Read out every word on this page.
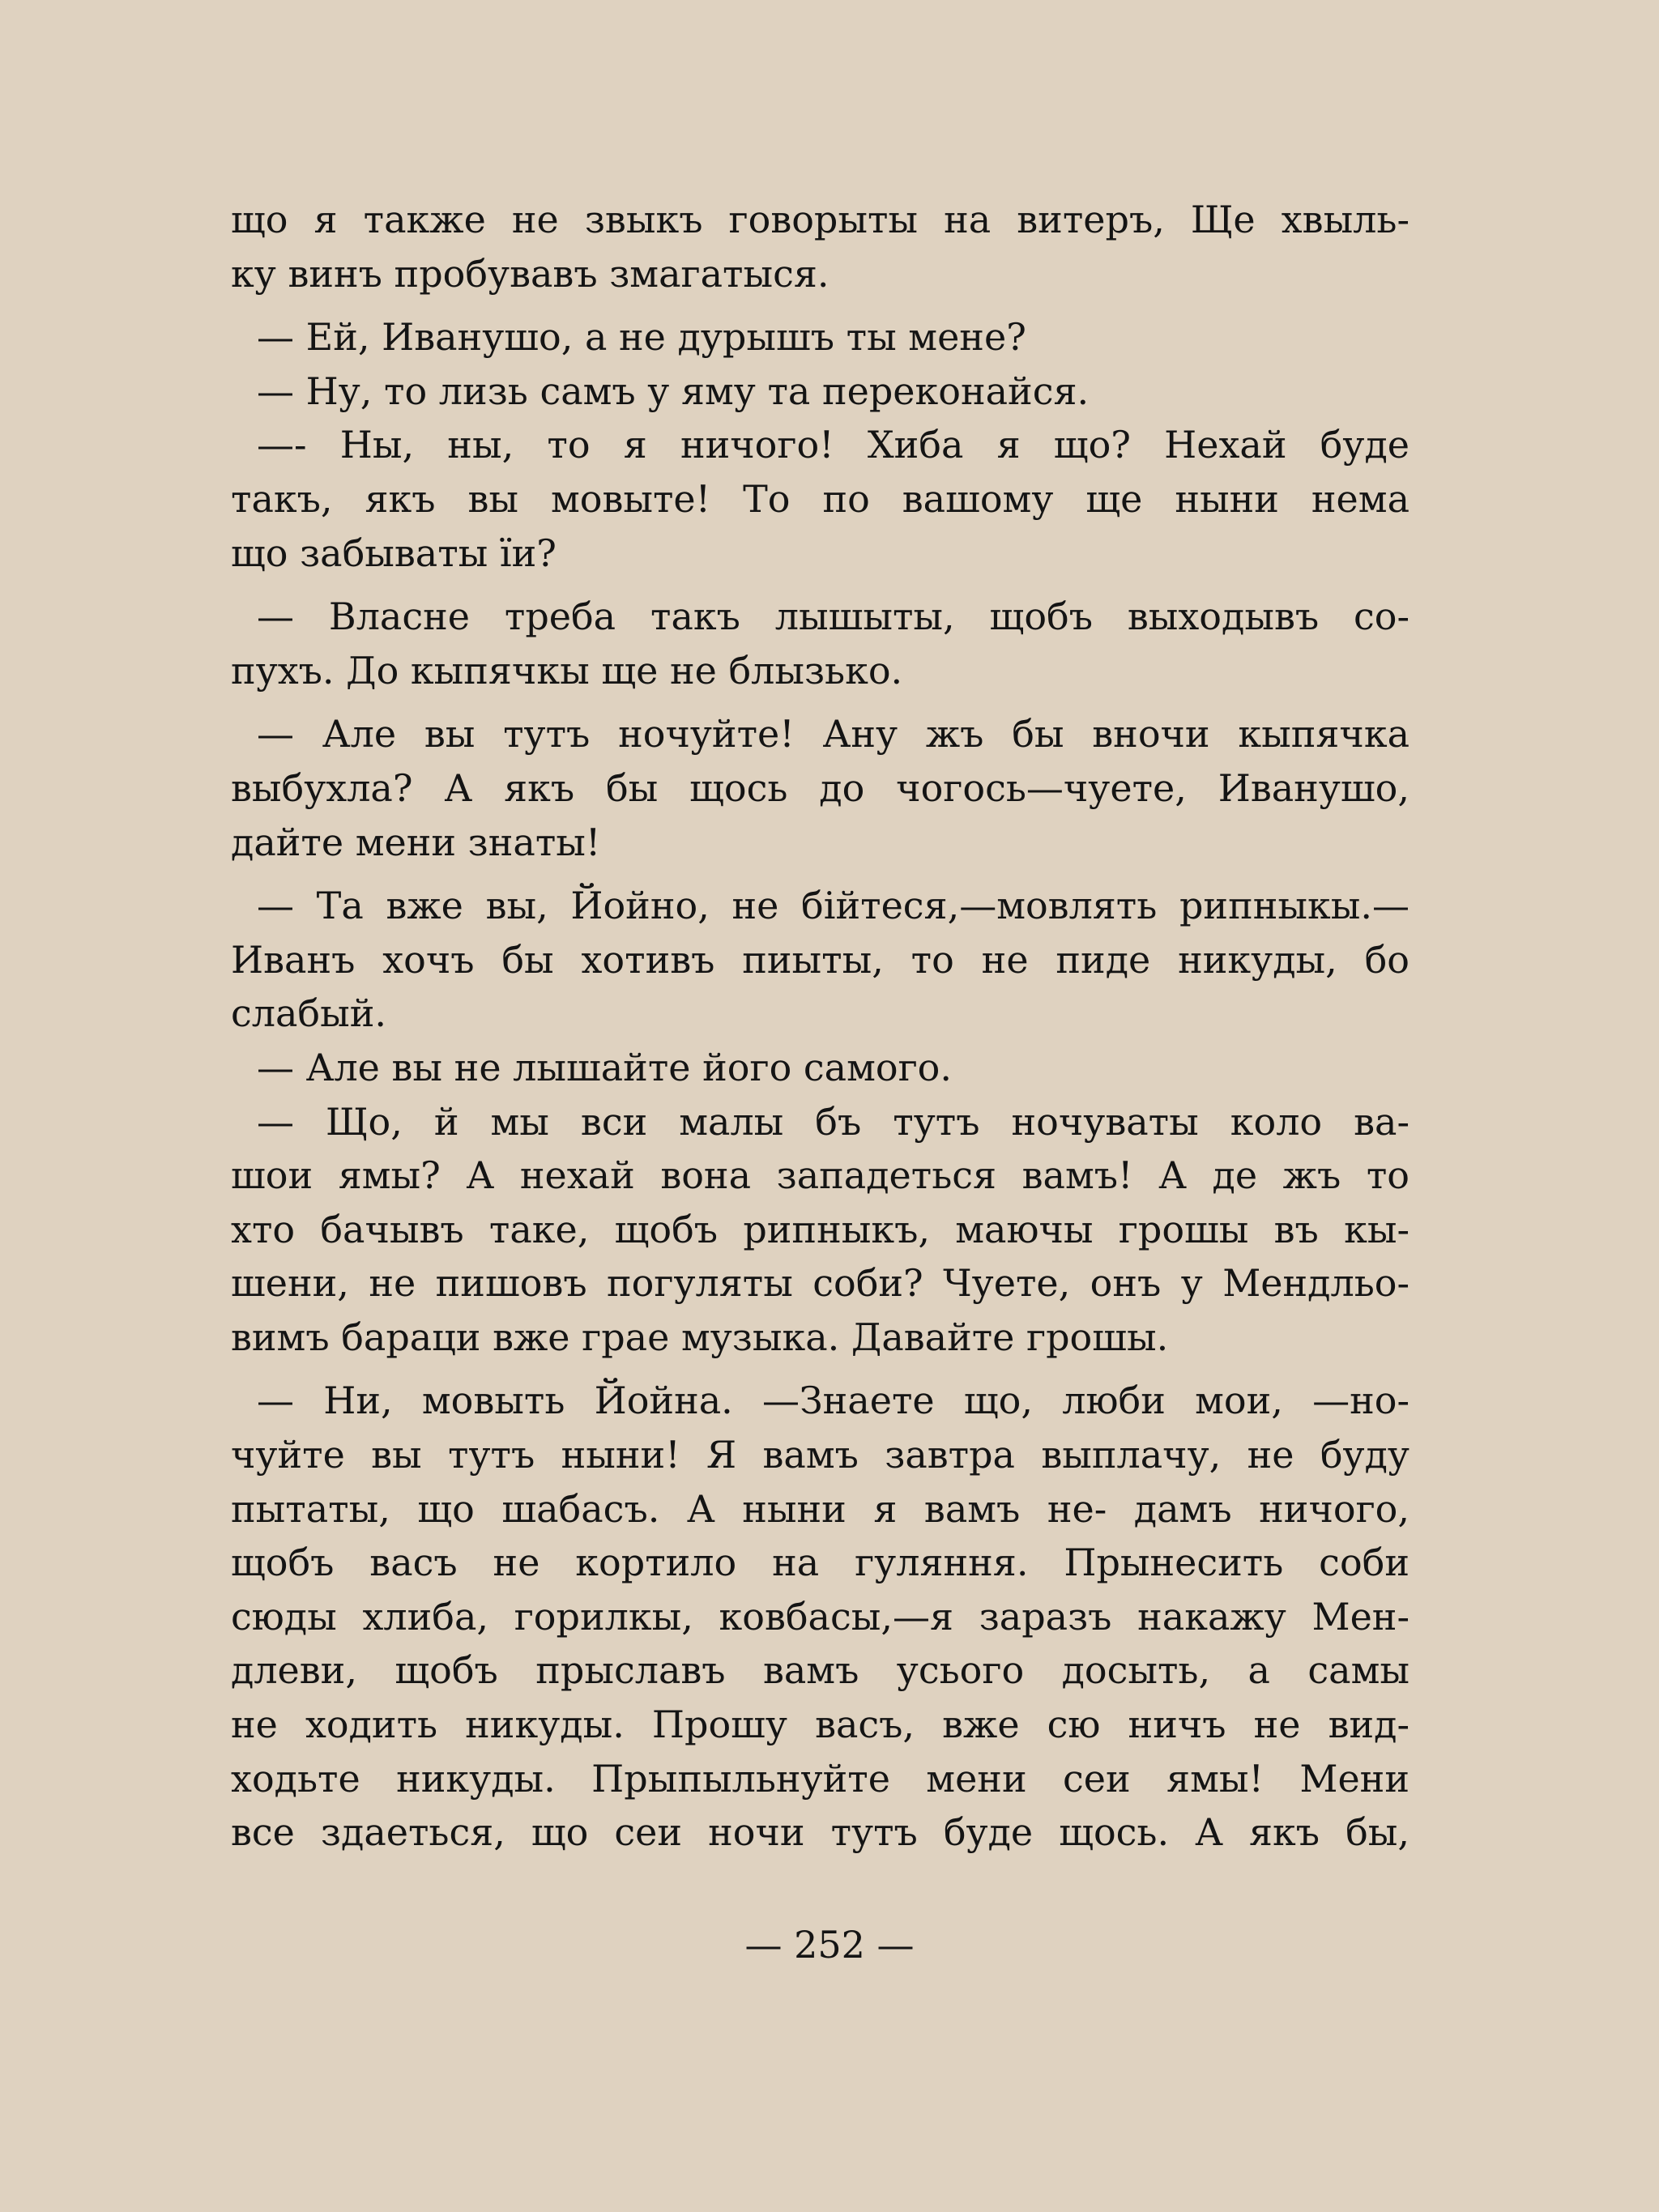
що я также не звыкъ говорыты на витеръ, Ще хвыль-
ку винъ пробувавъ змагатыся.
— Ей, Иванушо, а не дурышъ ты мене?
— Ну, то лизь самъ у яму та переконайся.
—- Ны, ны, то я ничого! Хиба я що? Нехай буде
такъ, якъ вы мовыте! То по вашому ще ныни нема
що забываты ïи?
— Власне треба такъ лышыты, щобъ выходывъ со-
пухъ. До кыпячкы ще не блызько.
— Але вы тутъ ночуйте! Ану жъ бы вночи кыпячка
выбухла? А якъ бы щось до чогось—чуете, Иванушо,
дайте мени знаты!
— Та вже вы, Йойно, не бійтеся,—мовлять рипныкы.—
Иванъ хочъ бы хотивъ пиыты, то не пиде никуды, бо
слабый.
— Але вы не лышайте його самого.
— Що, й мы вси малы бъ тутъ ночуваты коло ва-
шои ямы? А нехай вона западеться вамъ! А де жъ то
хто бачывъ таке, щобъ рипныкъ, маючы грошы въ кы-
шени, не пишовъ погуляты соби? Чуете, онъ у Мендльо-
вимъ бараци вже грае музыка. Давайте грошы.
— Ни, мовыть Йойна. —Знаете що, люби мои, —но-
чуйте вы тутъ ныни! Я вамъ завтра выплачу, не буду
пытаты, що шабасъ. А ныни я вамъ не- дамъ ничого,
щобъ васъ не кортило на гуляння. Прынесить соби
сюды хлиба, горилкы, ковбасы,—я заразъ накажу Мен-
длеви, щобъ прыславъ вамъ усього досыть, а самы
не ходить никуды. Прошу васъ, вже сю ничъ не вид-
ходьте никуды. Прыпыльнуйте мени сеи ямы! Мени
все здаеться, що сеи ночи тутъ буде щось. А якъ бы,
— 252 —
